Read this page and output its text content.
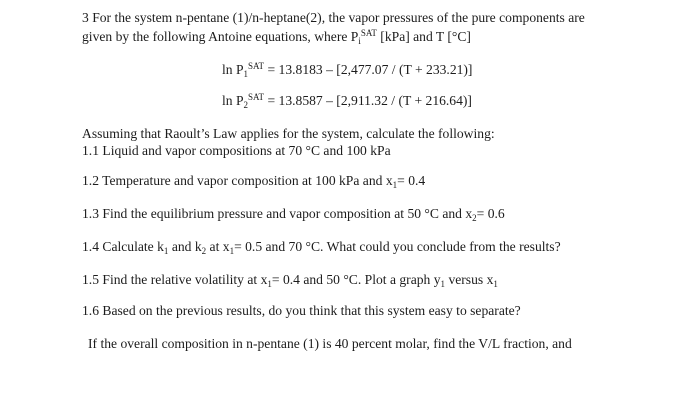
3 For the system n-pentane (1)/n-heptane(2), the vapor pressures of the pure components are
given by the following Antoine equations, where $P_i^{SAT}$ [kPa] and T [°C]
$\ln P_1^{SAT} = 13.8183 - [2,477.07 / (T + 233.21)]$
$\ln P_2^{SAT} = 13.8587 - [2,911.32 / (T + 216.64)]$
Assuming that Raoult’s Law applies for the system, calculate the following:
1.1 Liquid and vapor compositions at 70 °C and 100 kPa
1.2 Temperature and vapor composition at 100 kPa and $x_1= 0.4$
1.3 Find the equilibrium pressure and vapor composition at 50 °C and $x_2= 0.6$
1.4 Calculate $k_1$ and $k_2$ at $x_1= 0.5$ and 70 °C. What could you conclude from the results?
1.5 Find the relative volatility at $x_1= 0.4$ and 50 °C. Plot a graph $y_1$ versus $x_1$
1.6 Based on the previous results, do you think that this system easy to separate?
If the overall composition in n-pentane (1) is 40 percent molar, find the V/L fraction, and
